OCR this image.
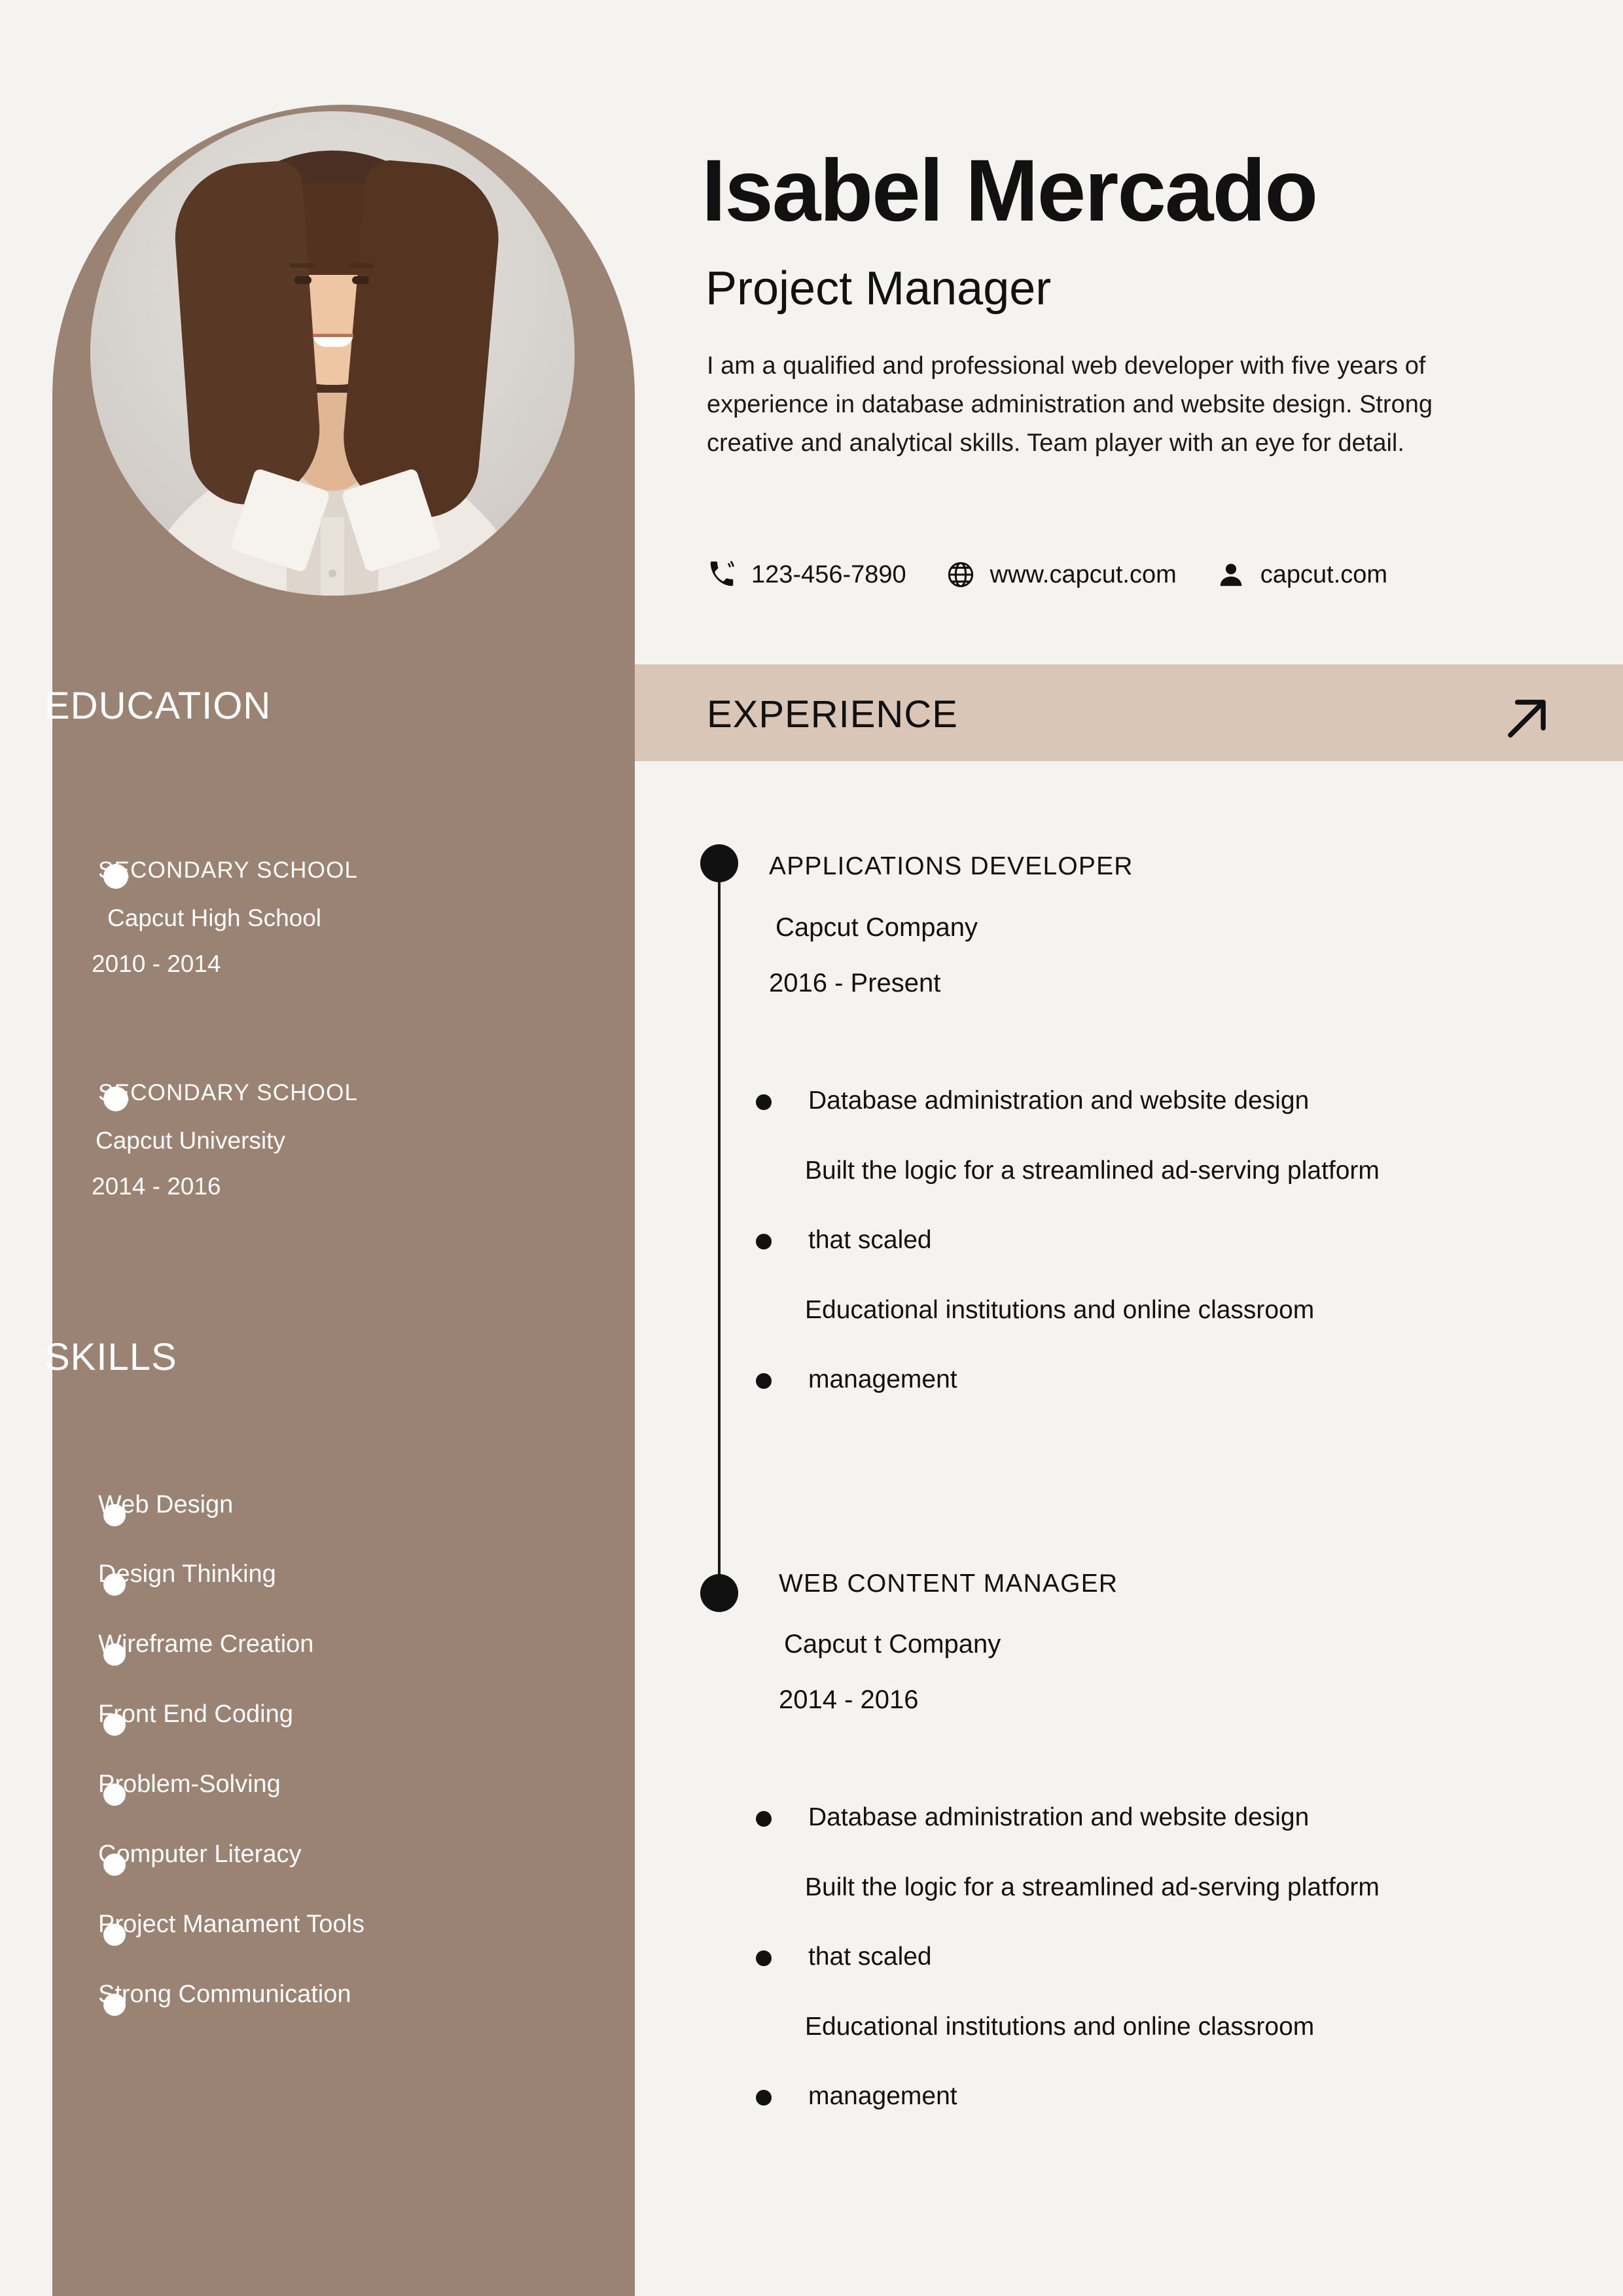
EDUCATION
SECONDARY SCHOOL
Capcut High School
2010 - 2014
SECONDARY SCHOOL
Capcut University
2014 - 2016
SKILLS
Web Design
Design Thinking
Wireframe Creation
Front End Coding
Problem-Solving
Computer Literacy
Project Manament Tools
Strong Communication
Isabel Mercado
Project Manager
I am a qualified and professional web developer with five years of experience in database administration and website design. Strong creative and analytical skills. Team player with an eye for detail.
123-456-7890	www.capcut.com	capcut.com
EXPERIENCE
APPLICATIONS DEVELOPER
Capcut Company
2016 - Present
Database administration and website design
Built the logic for a streamlined ad-serving platform
that scaled
Educational institutions and online classroom
management
WEB CONTENT MANAGER
Capcut t Company
2014 - 2016
Database administration and website design
Built the logic for a streamlined ad-serving platform
that scaled
Educational institutions and online classroom
management
